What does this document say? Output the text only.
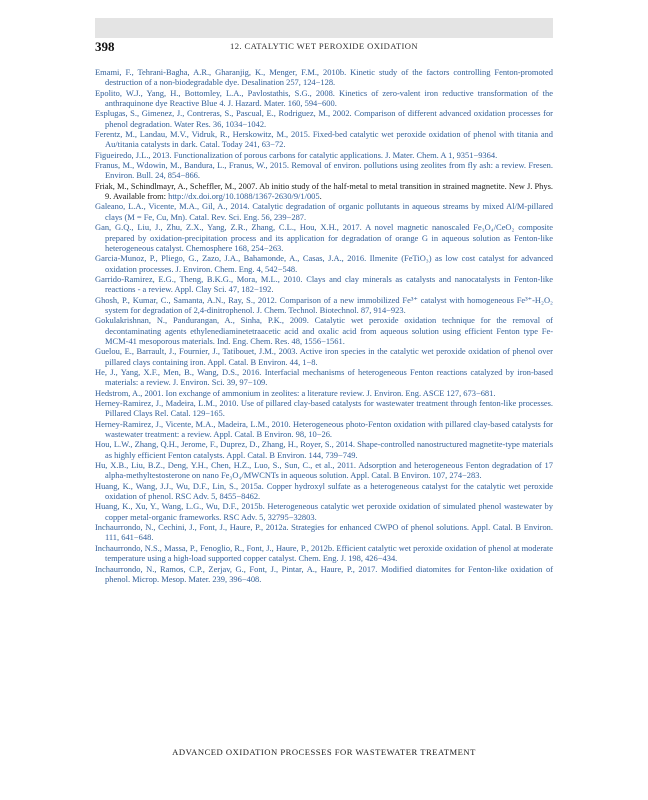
398	12. CATALYTIC WET PEROXIDE OXIDATION
Emami, F., Tehrani-Bagha, A.R., Gharanjig, K., Menger, F.M., 2010b. Kinetic study of the factors controlling Fenton-promoted destruction of a non-biodegradable dye. Desalination 257, 124−128.
Epolito, W.J., Yang, H., Bottomley, L.A., Pavlostathis, S.G., 2008. Kinetics of zero-valent iron reductive transformation of the anthraquinone dye Reactive Blue 4. J. Hazard. Mater. 160, 594−600.
Esplugas, S., Gimenez, J., Contreras, S., Pascual, E., Rodriguez, M., 2002. Comparison of different advanced oxidation processes for phenol degradation. Water Res. 36, 1034−1042.
Ferentz, M., Landau, M.V., Vidruk, R., Herskowitz, M., 2015. Fixed-bed catalytic wet peroxide oxidation of phenol with titania and Au/titania catalysts in dark. Catal. Today 241, 63−72.
Figueiredo, J.L., 2013. Functionalization of porous carbons for catalytic applications. J. Mater. Chem. A 1, 9351−9364.
Franus, M., Wdowin, M., Bandura, L., Franus, W., 2015. Removal of environ. pollutions using zeolites from fly ash: a review. Fresen. Environ. Bull. 24, 854−866.
Friak, M., Schindlmayr, A., Scheffler, M., 2007. Ab initio study of the half-metal to metal transition in strained magnetite. New J. Phys. 9. Available from: http://dx.doi.org/10.1088/1367-2630/9/1/005.
Galeano, L.A., Vicente, M.A., Gil, A., 2014. Catalytic degradation of organic pollutants in aqueous streams by mixed Al/M-pillared clays (M = Fe, Cu, Mn). Catal. Rev. Sci. Eng. 56, 239−287.
Gan, G.Q., Liu, J., Zhu, Z.X., Yang, Z.R., Zhang, C.L., Hou, X.H., 2017. A novel magnetic nanoscaled Fe₃O₄/CeO₂ composite prepared by oxidation-precipitation process and its application for degradation of orange G in aqueous solution as Fenton-like heterogeneous catalyst. Chemosphere 168, 254−263.
Garcia-Munoz, P., Pliego, G., Zazo, J.A., Bahamonde, A., Casas, J.A., 2016. Ilmenite (FeTiO₃) as low cost catalyst for advanced oxidation processes. J. Environ. Chem. Eng. 4, 542−548.
Garrido-Ramirez, E.G., Theng, B.K.G., Mora, M.L., 2010. Clays and clay minerals as catalysts and nanocatalysts in Fenton-like reactions - a review. Appl. Clay Sci. 47, 182−192.
Ghosh, P., Kumar, C., Samanta, A.N., Ray, S., 2012. Comparison of a new immobilized Fe³⁺ catalyst with homogeneous Fe³⁺-H₂O₂ system for degradation of 2,4-dinitrophenol. J. Chem. Technol. Biotechnol. 87, 914−923.
Gokulakrishnan, N., Pandurangan, A., Sinha, P.K., 2009. Catalytic wet peroxide oxidation technique for the removal of decontaminating agents ethylenediaminetetraacetic acid and oxalic acid from aqueous solution using efficient Fenton type Fe-MCM-41 mesoporous materials. Ind. Eng. Chem. Res. 48, 1556−1561.
Guelou, E., Barrault, J., Fournier, J., Tatibouet, J.M., 2003. Active iron species in the catalytic wet peroxide oxidation of phenol over pillared clays containing iron. Appl. Catal. B Environ. 44, 1−8.
He, J., Yang, X.F., Men, B., Wang, D.S., 2016. Interfacial mechanisms of heterogeneous Fenton reactions catalyzed by iron-based materials: a review. J. Environ. Sci. 39, 97−109.
Hedstrom, A., 2001. Ion exchange of ammonium in zeolites: a literature review. J. Environ. Eng. ASCE 127, 673−681.
Herney-Ramirez, J., Madeira, L.M., 2010. Use of pillared clay-based catalysts for wastewater treatment through fenton-like processes. Pillared Clays Rel. Catal. 129−165.
Herney-Ramirez, J., Vicente, M.A., Madeira, L.M., 2010. Heterogeneous photo-Fenton oxidation with pillared clay-based catalysts for wastewater treatment: a review. Appl. Catal. B Environ. 98, 10−26.
Hou, L.W., Zhang, Q.H., Jerome, F., Duprez, D., Zhang, H., Royer, S., 2014. Shape-controlled nanostructured magnetite-type materials as highly efficient Fenton catalysts. Appl. Catal. B Environ. 144, 739−749.
Hu, X.B., Liu, B.Z., Deng, Y.H., Chen, H.Z., Luo, S., Sun, C., et al., 2011. Adsorption and heterogeneous Fenton degradation of 17 alpha-methyltestosterone on nano Fe₃O₄/MWCNTs in aqueous solution. Appl. Catal. B Environ. 107, 274−283.
Huang, K., Wang, J.J., Wu, D.F., Lin, S., 2015a. Copper hydroxyl sulfate as a heterogeneous catalyst for the catalytic wet peroxide oxidation of phenol. RSC Adv. 5, 8455−8462.
Huang, K., Xu, Y., Wang, L.G., Wu, D.F., 2015b. Heterogeneous catalytic wet peroxide oxidation of simulated phenol wastewater by copper metal-organic frameworks. RSC Adv. 5, 32795−32803.
Inchaurrondo, N., Cechini, J., Font, J., Haure, P., 2012a. Strategies for enhanced CWPO of phenol solutions. Appl. Catal. B Environ. 111, 641−648.
Inchaurrondo, N.S., Massa, P., Fenoglio, R., Font, J., Haure, P., 2012b. Efficient catalytic wet peroxide oxidation of phenol at moderate temperature using a high-load supported copper catalyst. Chem. Eng. J. 198, 426−434.
Inchaurrondo, N., Ramos, C.P., Zerjav, G., Font, J., Pintar, A., Haure, P., 2017. Modified diatomites for Fenton-like oxidation of phenol. Microp. Mesop. Mater. 239, 396−408.
ADVANCED OXIDATION PROCESSES FOR WASTEWATER TREATMENT
